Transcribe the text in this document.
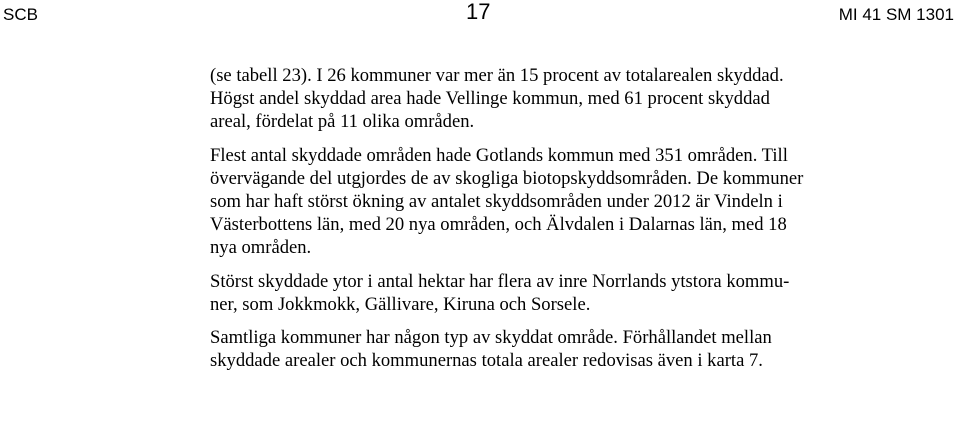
SCB	17	MI 41 SM 1301

(se tabell 23). I 26 kommuner var mer än 15 procent av totalarealen skyddad.
Högst andel skyddad area hade Vellinge kommun, med 61 procent skyddad
areal, fördelat på 11 olika områden.

Flest antal skyddade områden hade Gotlands kommun med 351 områden. Till
övervägande del utgjordes de av skogliga biotopskyddsområden. De kommuner
som har haft störst ökning av antalet skyddsområden under 2012 är Vindeln i
Västerbottens län, med 20 nya områden, och Älvdalen i Dalarnas län, med 18
nya områden.

Störst skyddade ytor i antal hektar har flera av inre Norrlands ytstora kommu-
ner, som Jokkmokk, Gällivare, Kiruna och Sorsele.

Samtliga kommuner har någon typ av skyddat område. Förhållandet mellan
skyddade arealer och kommunernas totala arealer redovisas även i karta 7.
